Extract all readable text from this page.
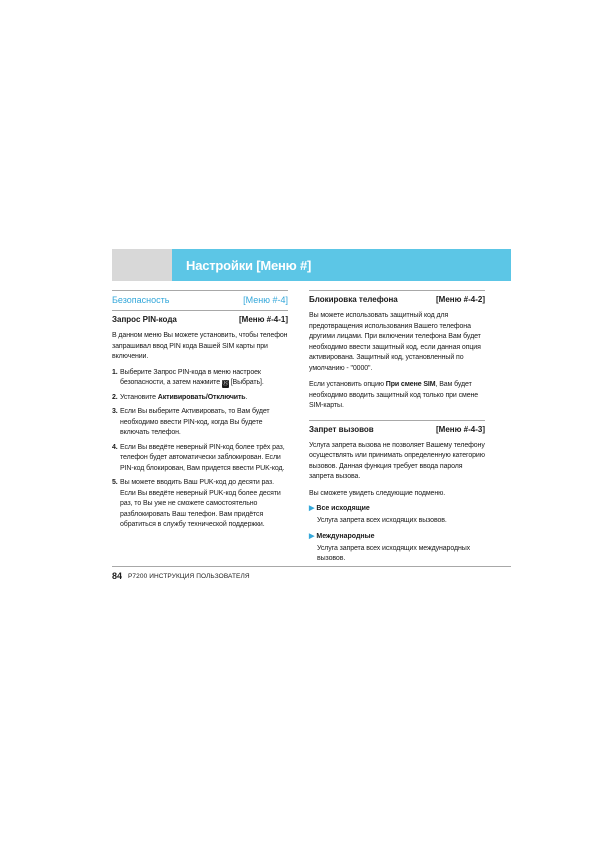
Настройки [Меню #]
Безопасность	[Меню #-4]
Запрос PIN-кода	[Меню #-4-1]

В данном меню Вы можете установить, чтобы телефон запрашивал ввод PIN кода Вашей SIM карты при включении.

1. Выберите Запрос PIN-кода в меню настроек безопасности, а затем нажмите Ⓡ [Выбрать].
2. Установите Активировать/Отключить.
3. Если Вы выберите Активировать, то Вам будет необходимо ввести PIN-код, когда Вы будете включать телефон.
4. Если Вы введёте неверный PIN-код более трёх раз, телефон будет автоматически заблокирован. Если PIN-код блокирован, Вам придется ввести PUK-код.
5. Вы можете вводить Ваш PUK-код до десяти раз. Если Вы введёте неверный PUK-код более десяти раз, то Вы уже не сможете самостоятельно разблокировать Ваш телефон. Вам придётся обратиться в службу технической поддержки.
Блокировка телефона	[Меню #-4-2]

Вы можете использовать защитный код для предотвращения использования Вашего телефона другими лицами. При включении телефона Вам будет необходимо ввести защитный код, если данная опция активирована. Защитный код, установленный по умолчанию - "0000".

Если установить опцию При смене SIM, Вам будет необходимо вводить защитный код только при смене SIM-карты.

Запрет вызовов	[Меню #-4-3]

Услуга запрета вызова не позволяет Вашему телефону осуществлять или принимать определенную категорию вызовов. Данная функция требует ввода пароля запрета вызова.

Вы сможете увидеть следующие подменю.

▶ Все исходящие
Услуга запрета всех исходящих вызовов.
▶ Международные
Услуга запрета всех исходящих международных вызовов.
84 P7200 ИНСТРУКЦИЯ ПОЛЬЗОВАТЕЛЯ
